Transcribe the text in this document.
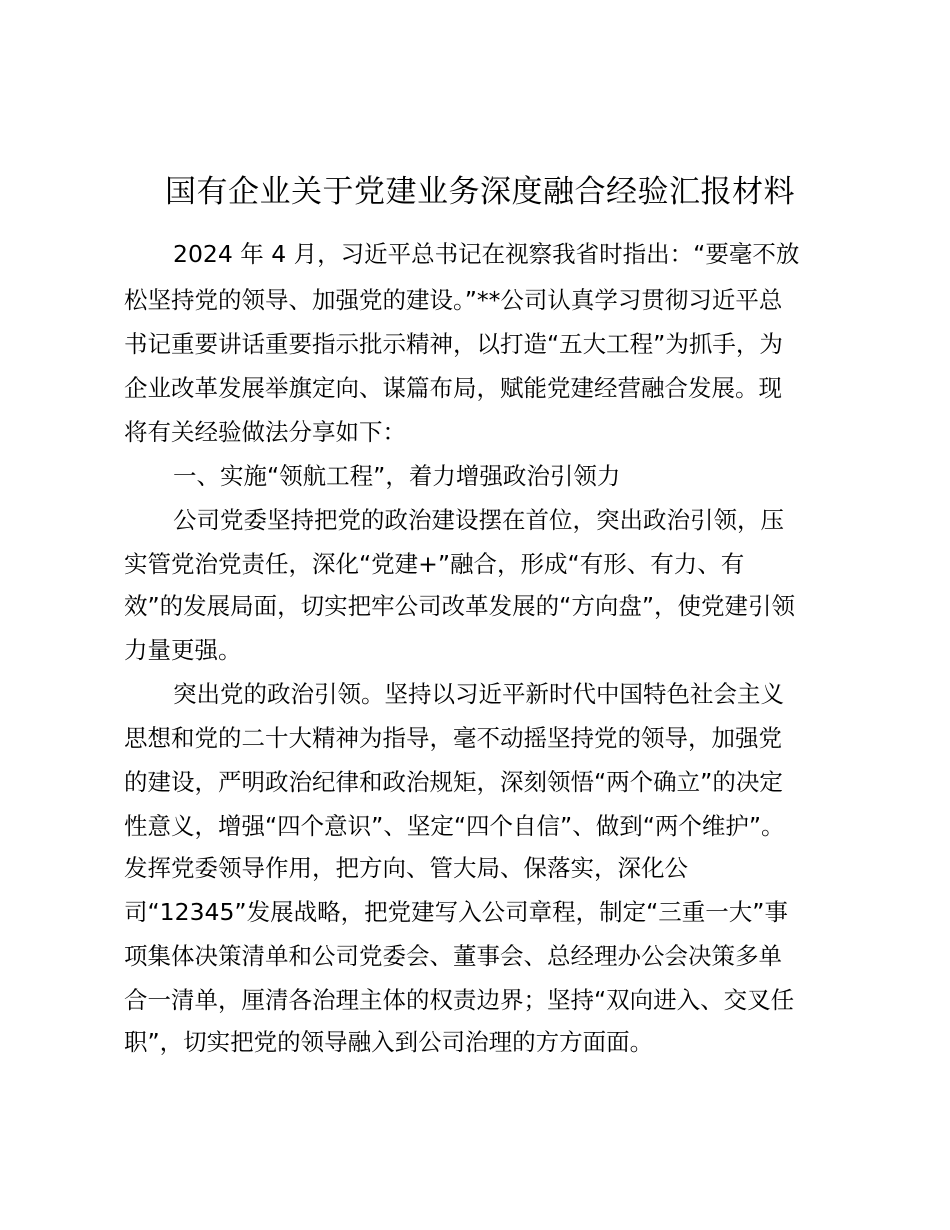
国有企业关于党建业务深度融合经验汇报材料
2024 年 4 月，习近平总书记在视察我省时指出：“要毫不放
松坚持党的领导、加强党的建设。”**公司认真学习贯彻习近平总
书记重要讲话重要指示批示精神，以打造“五大工程”为抓手，为
企业改革发展举旗定向、谋篇布局，赋能党建经营融合发展。现
将有关经验做法分享如下：
一、实施“领航工程”，着力增强政治引领力
公司党委坚持把党的政治建设摆在首位，突出政治引领，压
实管党治党责任，深化“党建+”融合，形成“有形、有力、有
效”的发展局面，切实把牢公司改革发展的“方向盘”，使党建引领
力量更强。
突出党的政治引领。坚持以习近平新时代中国特色社会主义
思想和党的二十大精神为指导，毫不动摇坚持党的领导，加强党
的建设，严明政治纪律和政治规矩，深刻领悟“两个确立”的决定
性意义，增强“四个意识”、坚定“四个自信”、做到“两个维护”。
发挥党委领导作用，把方向、管大局、保落实，深化公
司“12345”发展战略，把党建写入公司章程，制定“三重一大”事
项集体决策清单和公司党委会、董事会、总经理办公会决策多单
合一清单，厘清各治理主体的权责边界；坚持“双向进入、交叉任
职”，切实把党的领导融入到公司治理的方方面面。
